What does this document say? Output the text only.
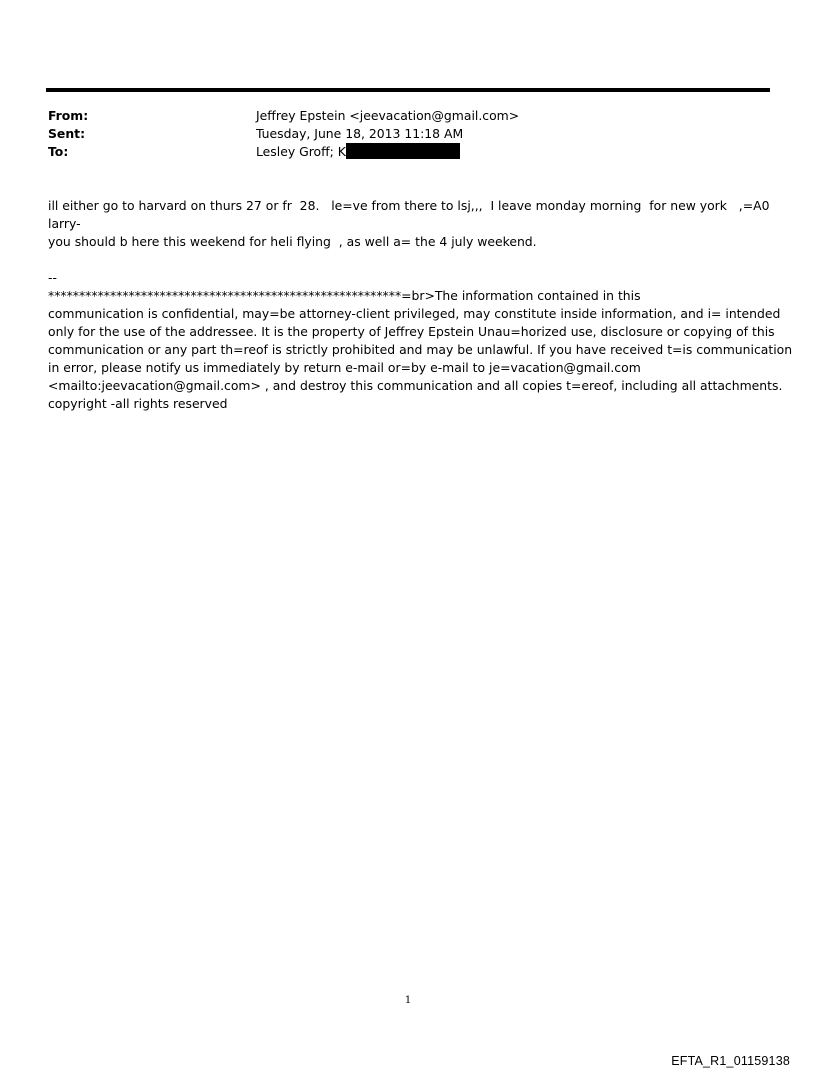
From:	Jeffrey Epstein <jeevacation@gmail.com>
Sent:	Tuesday, June 18, 2013 11:18 AM
To:	Lesley Groff; K
ill either go to harvard on thurs 27 or fr  28.   le=ve from there to lsj,,,  I leave monday morning  for new york   ,=A0 larry-
you should b here this weekend for heli flying  , as well a= the 4 july weekend.
--
*********************************************************=br>The information contained in this
communication is confidential, may=be attorney-client privileged, may constitute inside information, and i= intended
only for the use of the addressee. It is the property of Jeffrey Epstein Unau=horized use, disclosure or copying of this
communication or any part th=reof is strictly prohibited and may be unlawful. If you have received t=is communication
in error, please notify us immediately by return e-mail or=by e-mail to je=vacation@gmail.com
<mailto:jeevacation@gmail.com> , and destroy this communication and all copies t=ereof, including all attachments.
copyright -all rights reserved
1
EFTA_R1_01159138
